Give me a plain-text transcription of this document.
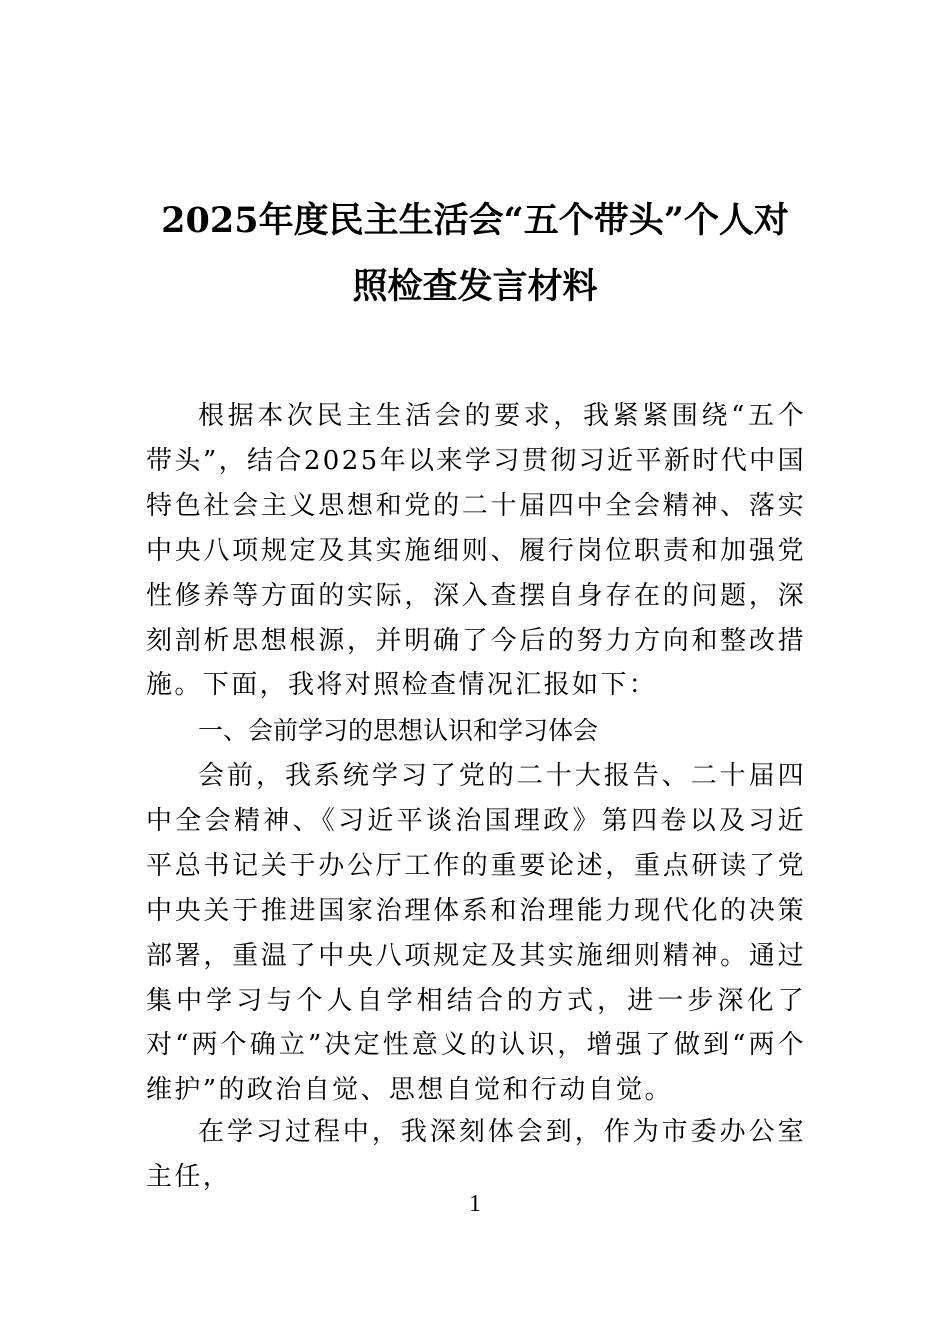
2025年度民主生活会“五个带头”个人对
照检查发言材料

根据本次民主生活会的要求，我紧紧围绕“五个带头”，结合2025年以来学习贯彻习近平新时代中国特色社会主义思想和党的二十届四中全会精神、落实中央八项规定及其实施细则、履行岗位职责和加强党性修养等方面的实际，深入查摆自身存在的问题，深刻剖析思想根源，并明确了今后的努力方向和整改措施。下面，我将对照检查情况汇报如下：

一、会前学习的思想认识和学习体会

会前，我系统学习了党的二十大报告、二十届四中全会精神、《习近平谈治国理政》第四卷以及习近平总书记关于办公厅工作的重要论述，重点研读了党中央关于推进国家治理体系和治理能力现代化的决策部署，重温了中央八项规定及其实施细则精神。通过集中学习与个人自学相结合的方式，进一步深化了对“两个确立”决定性意义的认识，增强了做到“两个维护”的政治自觉、思想自觉和行动自觉。

在学习过程中，我深刻体会到，作为市委办公室主任，

1
